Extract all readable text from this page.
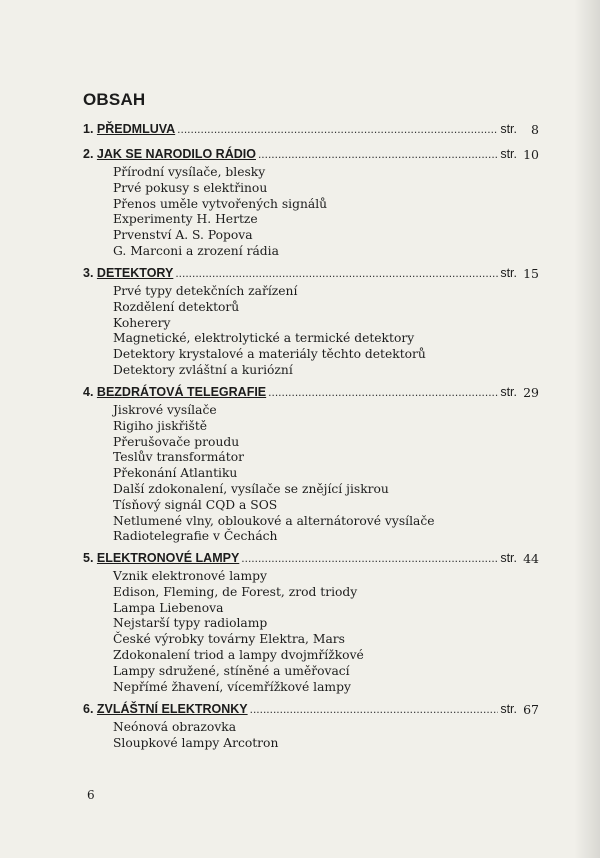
OBSAH
1. PŘEDMLUVA .....	str. 8
2. JAK SE NARODILO RÁDIO .....	str. 10
Přírodní vysílače, blesky
Prvé pokusy s elektřinou
Přenos uměle vytvořených signálů
Experimenty H. Hertze
Prvenství A. S. Popova
G. Marconi a zrození rádia
3. DETEKTORY .....	str. 15
Prvé typy detekčních zařízení
Rozdělení detektorů
Koherery
Magnetické, elektrolytické a termické detektory
Detektory krystalové a materiály těchto detektorů
Detektory zvláštní a kuriózní
4. BEZDRÁTOVÁ TELEGRAFIE .....	str. 29
Jiskrové vysílače
Rigiho jiskřiště
Přerušovače proudu
Teslův transformátor
Překonání Atlantiku
Další zdokonalení, vysílače se znějící jiskrou
Tísňový signál CQD a SOS
Netlumené vlny, obloukové a alternátorové vysílače
Radiotelegrafie v Čechách
5. ELEKTRONOVÉ LAMPY .....	str. 44
Vznik elektronové lampy
Edison, Fleming, de Forest, zrod triody
Lampa Liebenova
Nejstarší typy radiolamp
České výrobky továrny Elektra, Mars
Zdokonalení triod a lampy dvojmřížkové
Lampy sdružené, stíněné a uměřovací
Nepřímé žhavení, vícemřížkové lampy
6. ZVLÁŠTNÍ ELEKTRONKY .....	str. 67
Neónová obrazovka
Sloupkové lampy Arcotron
6
